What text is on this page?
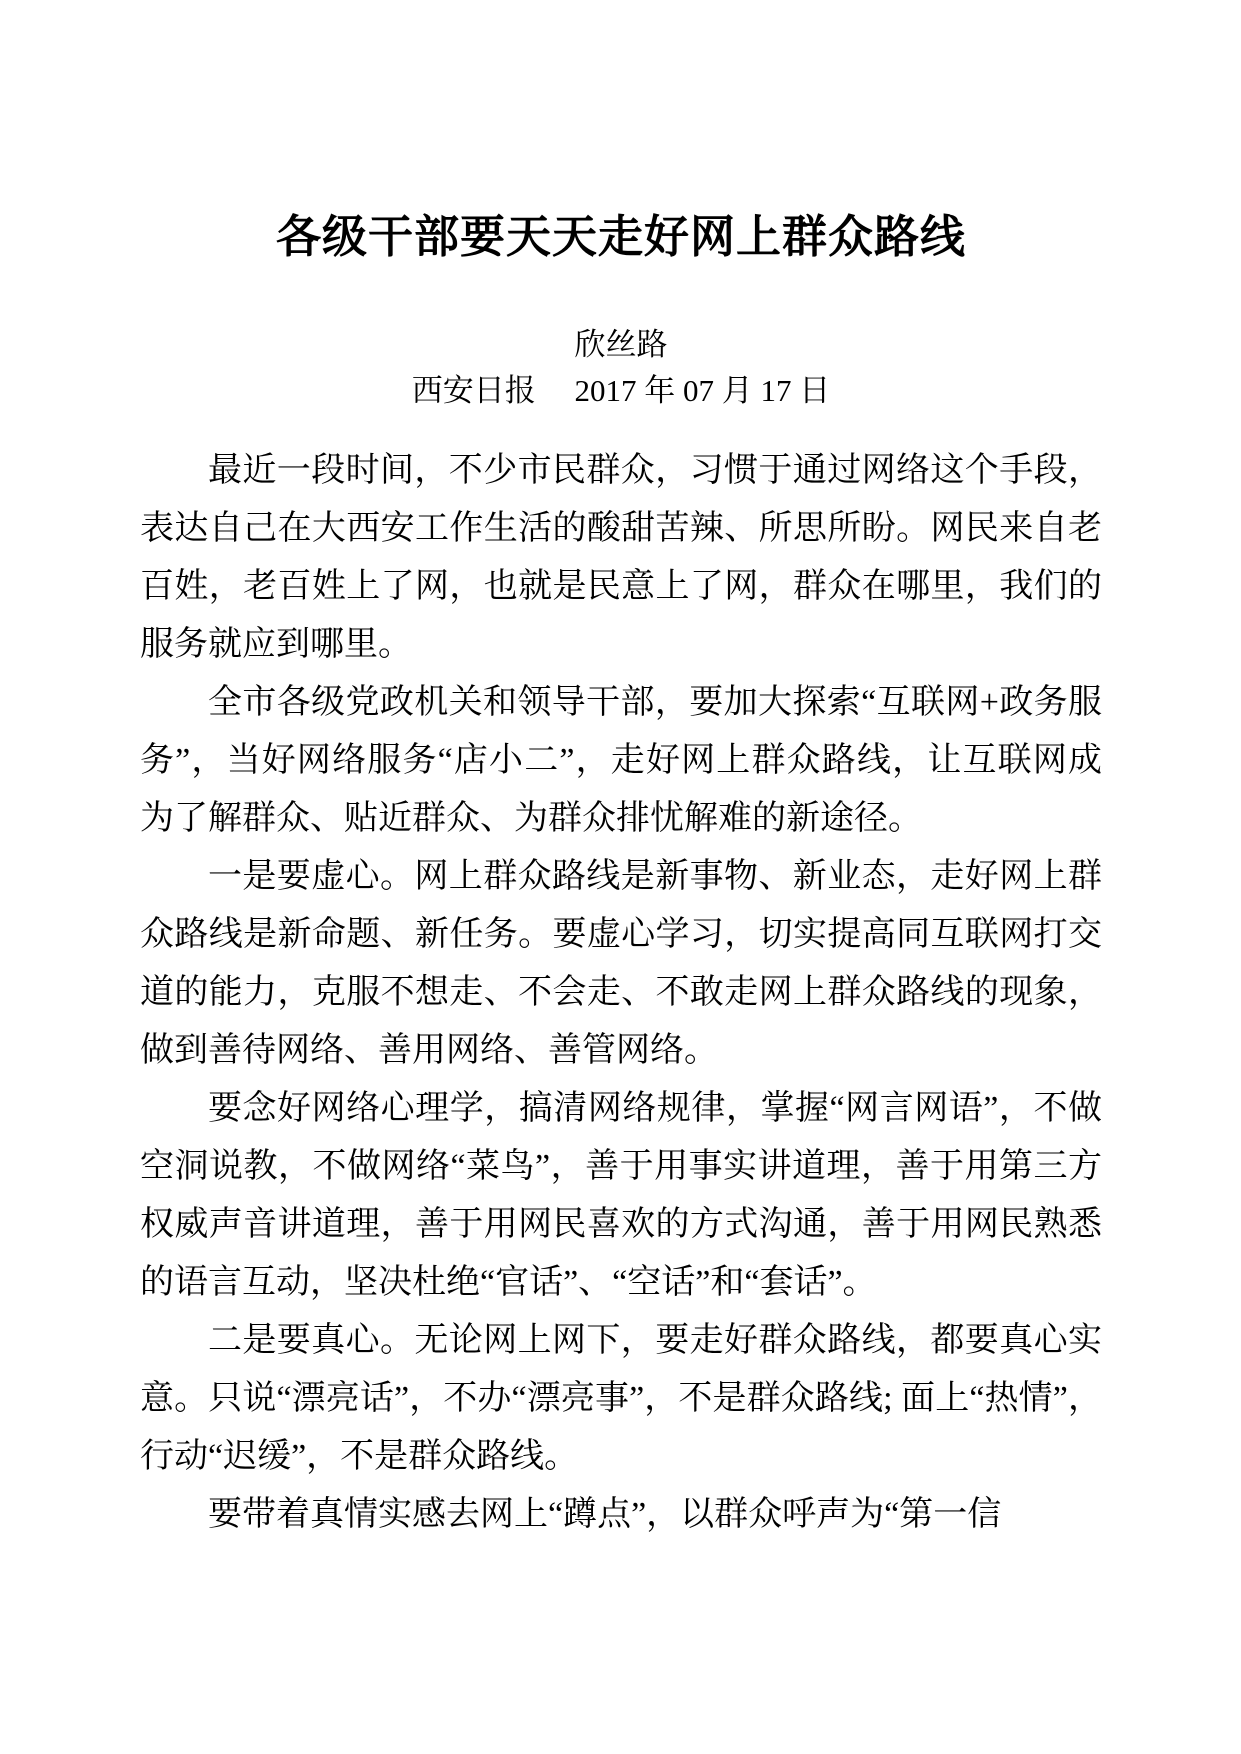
各级干部要天天走好网上群众路线
欣丝路
西安日报　 2017 年 07 月 17 日

最近一段时间，不少市民群众，习惯于通过网络这个手段，表达自己在大西安工作生活的酸甜苦辣、所思所盼。网民来自老百姓，老百姓上了网，也就是民意上了网，群众在哪里，我们的服务就应到哪里。

全市各级党政机关和领导干部，要加大探索“互联网+政务服务”，当好网络服务“店小二”，走好网上群众路线，让互联网成为了解群众、贴近群众、为群众排忧解难的新途径。

一是要虚心。网上群众路线是新事物、新业态，走好网上群众路线是新命题、新任务。要虚心学习，切实提高同互联网打交道的能力，克服不想走、不会走、不敢走网上群众路线的现象，做到善待网络、善用网络、善管网络。

要念好网络心理学，搞清网络规律，掌握“网言网语”，不做空洞说教，不做网络“菜鸟”，善于用事实讲道理，善于用第三方权威声音讲道理，善于用网民喜欢的方式沟通，善于用网民熟悉的语言互动，坚决杜绝“官话”、“空话”和“套话”。

二是要真心。无论网上网下，要走好群众路线，都要真心实意。只说“漂亮话”，不办“漂亮事”，不是群众路线; 面上“热情”，行动“迟缓”，不是群众路线。

要带着真情实感去网上“蹲点”，以群众呼声为“第一信
